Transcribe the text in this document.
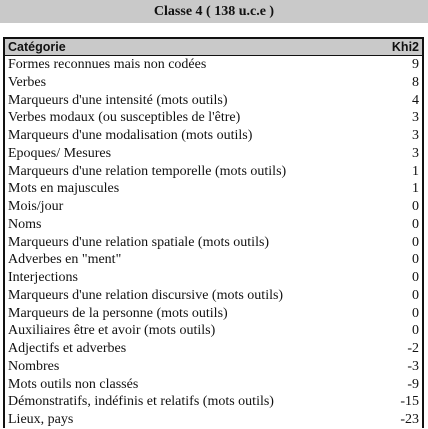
Classe 4 ( 138 u.c.e )
Catégorie	Khi2
Formes reconnues mais non codées	9
Verbes	8
Marqueurs d'une intensité (mots outils)	4
Verbes modaux (ou susceptibles de l'être)	3
Marqueurs d'une modalisation (mots outils)	3
Epoques/ Mesures	3
Marqueurs d'une relation temporelle (mots outils)	1
Mots en majuscules	1
Mois/jour	0
Noms	0
Marqueurs d'une relation spatiale (mots outils)	0
Adverbes en "ment"	0
Interjections	0
Marqueurs d'une relation discursive (mots outils)	0
Marqueurs de la personne (mots outils)	0
Auxiliaires être et avoir (mots outils)	0
Adjectifs et adverbes	-2
Nombres	-3
Mots outils non classés	-9
Démonstratifs, indéfinis et relatifs (mots outils)	-15
Lieux, pays	-23
